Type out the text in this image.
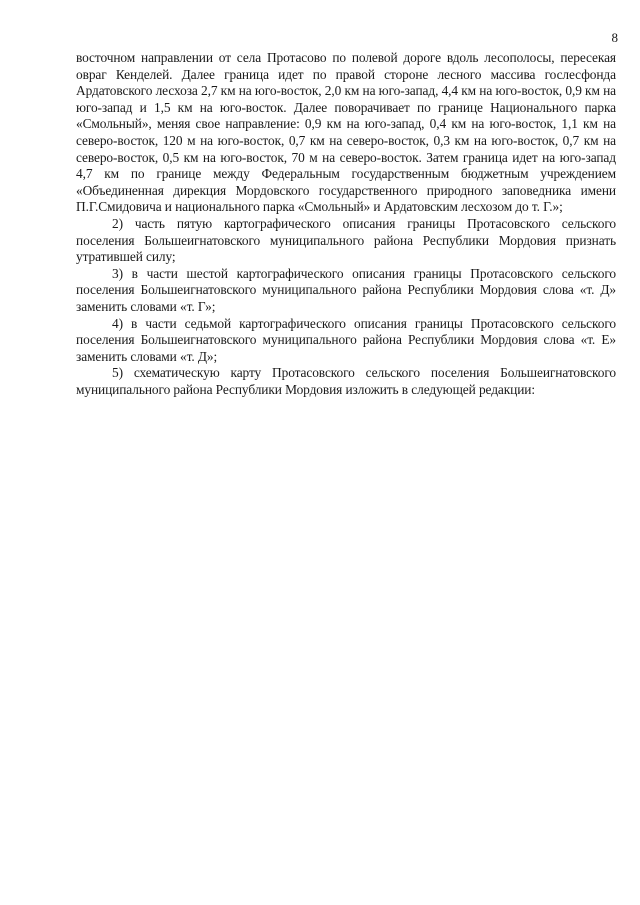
8

восточном направлении от села Протасово по полевой дороге вдоль лесополосы, пересекая овраг Кенделей. Далее граница идет по правой стороне лесного массива гослесфонда Ардатовского лесхоза 2,7 км на юго-восток, 2,0 км на юго-запад, 4,4 км на юго-восток, 0,9 км на юго-запад и 1,5 км на юго-восток. Далее поворачивает по границе Национального парка «Смольный», меняя свое направление: 0,9 км на юго-запад, 0,4 км на юго-восток, 1,1 км на северо-восток, 120 м на юго-восток, 0,7 км на северо-восток, 0,3 км на юго-восток, 0,7 км на северо-восток, 0,5 км на юго-восток, 70 м на северо-восток. Затем граница идет на юго-запад 4,7 км по границе между Федеральным государственным бюджетным учреждением «Объединенная дирекция Мордовского государственного природного заповедника имени П.Г.Смидовича и национального парка «Смольный» и Ардатовским лесхозом до т. Г.»;

2) часть пятую картографического описания границы Протасовского сельского поселения Большеигнатовского муниципального района Республики Мордовия признать утратившей силу;

3) в части шестой картографического описания границы Протасовского сельского поселения Большеигнатовского муниципального района Республики Мордовия слова «т. Д» заменить словами «т. Г»;

4) в части седьмой картографического описания границы Протасовского сельского поселения Большеигнатовского муниципального района Республики Мордовия слова «т. Е» заменить словами «т. Д»;

5) схематическую карту Протасовского сельского поселения Большеигнатовского муниципального района Республики Мордовия изложить в следующей редакции:
